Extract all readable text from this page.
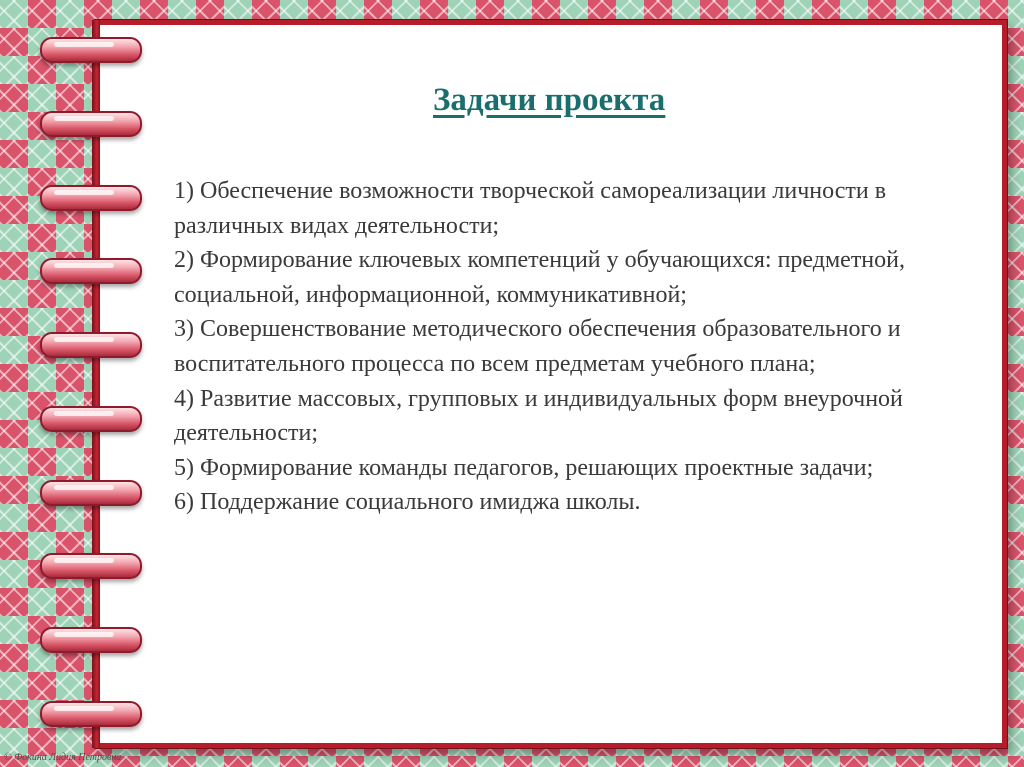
Задачи проекта

1) Обеспечение возможности творческой самореализации личности в различных видах деятельности;

2) Формирование ключевых компетенций у обучающихся: предметной, социальной, информационной, коммуникативной;

3) Совершенствование методического обеспечения образовательного и воспитательного процесса по всем предметам учебного плана;

4) Развитие массовых, групповых и индивидуальных форм внеурочной деятельности;

5) Формирование команды педагогов, решающих проектные задачи;

6) Поддержание социального имиджа школы.

© Фокина Лидия Петровна
